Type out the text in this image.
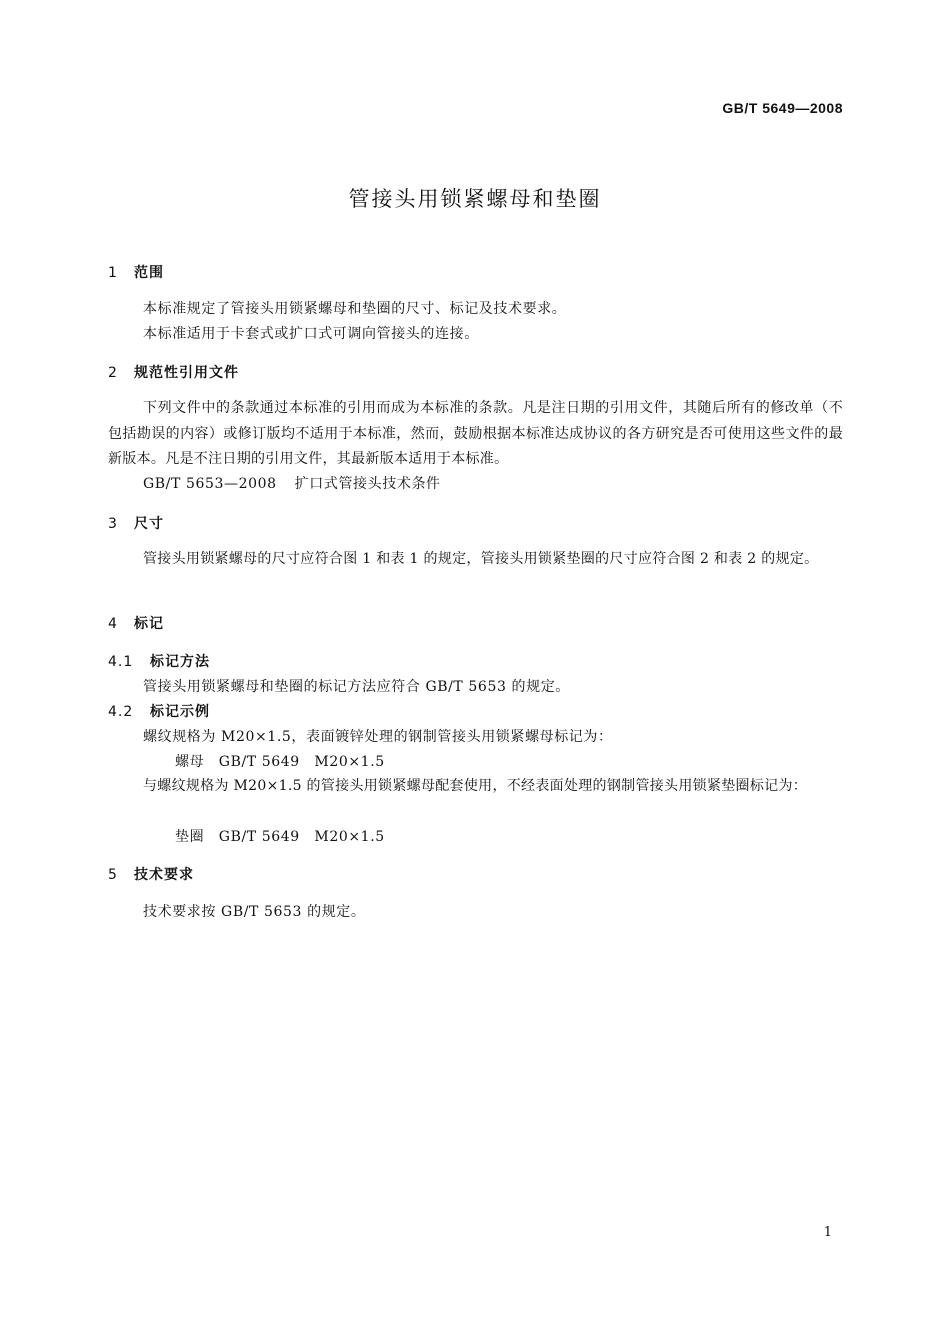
GB/T 5649—2008
管接头用锁紧螺母和垫圈
1 范围
本标准规定了管接头用锁紧螺母和垫圈的尺寸、标记及技术要求。
本标准适用于卡套式或扩口式可调向管接头的连接。
2 规范性引用文件
下列文件中的条款通过本标准的引用而成为本标准的条款。凡是注日期的引用文件，其随后所有的修改单（不包括勘误的内容）或修订版均不适用于本标准，然而，鼓励根据本标准达成协议的各方研究是否可使用这些文件的最新版本。凡是不注日期的引用文件，其最新版本适用于本标准。
GB/T 5653—2008 扩口式管接头技术条件
3 尺寸
管接头用锁紧螺母的尺寸应符合图 1 和表 1 的规定，管接头用锁紧垫圈的尺寸应符合图 2 和表 2 的规定。
4 标记
4.1 标记方法
管接头用锁紧螺母和垫圈的标记方法应符合 GB/T 5653 的规定。
4.2 标记示例
螺纹规格为 M20×1.5，表面镀锌处理的钢制管接头用锁紧螺母标记为：
螺母　GB/T 5649　M20×1.5
与螺纹规格为 M20×1.5 的管接头用锁紧螺母配套使用，不经表面处理的钢制管接头用锁紧垫圈标记为：
垫圈　GB/T 5649　M20×1.5
5 技术要求
技术要求按 GB/T 5653 的规定。
1
